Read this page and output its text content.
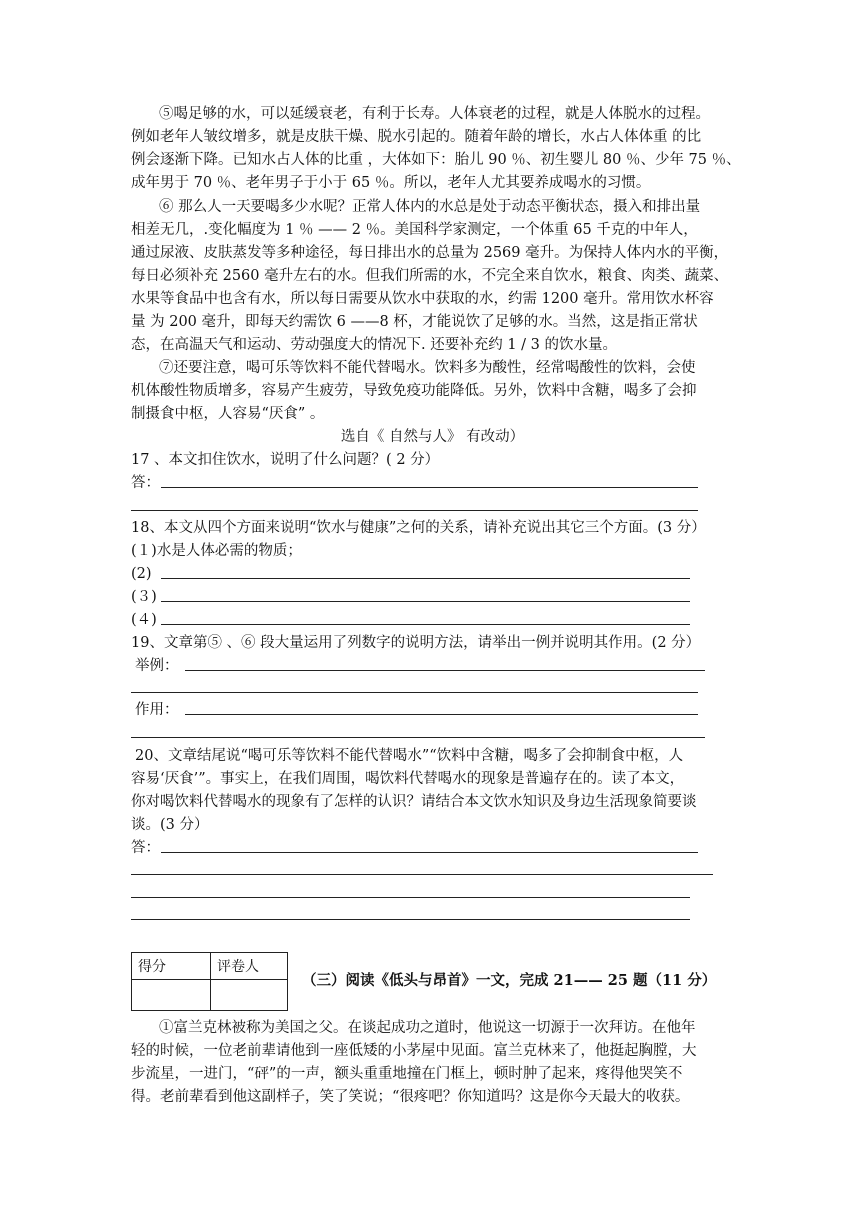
⑤喝足够的水，可以延缓衰老，有利于长寿。人体衰老的过程，就是人体脱水的过程。
例如老年人皱纹增多，就是皮肤干燥、脱水引起的。随着年龄的增长，水占人体体重 的比
例会逐渐下降。已知水占人体的比重 ，大体如下：胎儿 90 ％、初生婴儿 80 ％、少年 75 ％、
成年男于 70 ％、老年男子于小于 65 ％。所以，老年人尤其要养成喝水的习惯。
⑥ 那么人一天要喝多少水呢？正常人体内的水总是处于动态平衡状态，摄入和排出量
相差无几，.变化幅度为 1 ％ —— 2 ％。美国科学家测定，一个体重 65 千克的中年人，
通过尿液、皮肤蒸发等多种途径，每日排出水的总量为 2569 毫升。为保持人体内水的平衡，
每日必须补充 2560 毫升左右的水。但我们所需的水，不完全来自饮水，粮食、肉类、蔬菜、
水果等食品中也含有水，所以每日需要从饮水中获取的水，约需 1200 毫升。常用饮水杯容
量 为 200 毫升，即每天约需饮 6 ——8 杯，才能说饮了足够的水。当然，这是指正常状
态，在高温天气和运动、劳动强度大的情况下. 还要补充约 1 / 3 的饮水量。
⑦还要注意，喝可乐等饮料不能代替喝水。饮料多为酸性，经常喝酸性的饮料，会使
机体酸性物质增多，容易产生疲劳，导致免疫功能降低。另外，饮料中含糖，喝多了会抑
制摄食中枢，人容易“厌食” 。
选自《 自然与人》 有改动）
17 、本文扣住饮水，说明了什么问题？( 2 分）
答：
18、本文从四个方面来说明“饮水与健康”之何的关系，请补充说出其它三个方面。(3 分）
(１)水是人体必需的物质；
(2)
(３)
(４)
19、文章第⑤ 、⑥ 段大量运用了列数字的说明方法，请举出一例并说明其作用。(2 分）
举例：
作用：
20、文章结尾说“喝可乐等饮料不能代替喝水”“饮料中含糖，喝多了会抑制食中枢，人
容易‘厌食’”。事实上，在我们周围，喝饮料代替喝水的现象是普遍存在的。读了本文，
你对喝饮料代替喝水的现象有了怎样的认识？请结合本文饮水知识及身边生活现象简要谈
谈。(3 分）
答：
得分	评卷人

（三）阅读《低头与昂首》一文，完成 21—— 25 题（11 分）
①富兰克林被称为美国之父。在谈起成功之道时，他说这一切源于一次拜访。在他年
轻的时候，一位老前辈请他到一座低矮的小茅屋中见面。富兰克林来了，他挺起胸膛，大
步流星，一进门，“砰”的一声，额头重重地撞在门框上，顿时肿了起来，疼得他哭笑不
得。老前辈看到他这副样子，笑了笑说；“很疼吧？你知道吗？这是你今天最大的收获。
